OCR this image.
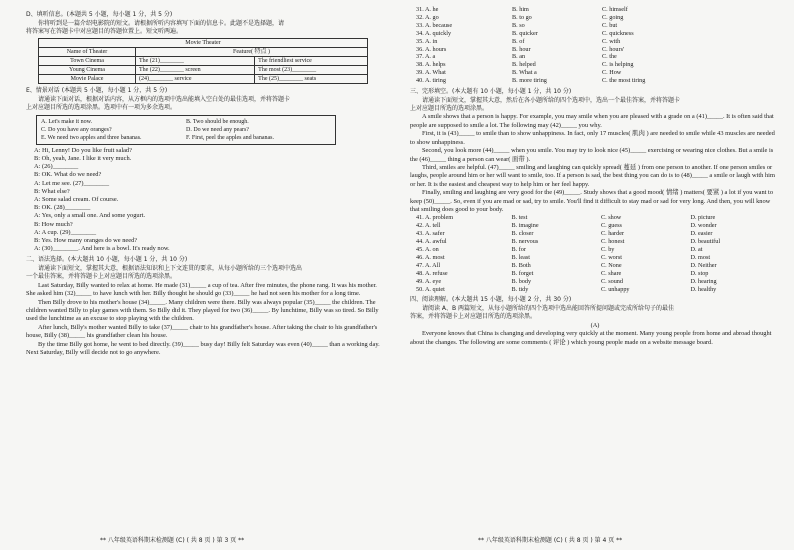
D、填听信息。(本题共 5 小题，每小题 1 分，共 5 分)

你将听到是一篇介绍电影院的短文。请根据所听内容填写下面的信息卡。此题不是选择题，请

将答案写在答题卡中对应题目的答题位置上。短文听两遍。

Movie Theater		
Name of Theater	Feature( 特点 )	
Town Cinema	The (21)________	The friendliest service
Young Cinema	The (22)________ screen	The most (23)________
Movie Palace	(24)________ service	The (25)________ seats

E、情景对话 (本题共 5 小题，每小题 1 分，共 5 分)

请通读下面对话，根据对话内容，从方框内的选项中选出能填入空白处的最佳选项，并将答题卡

上对应题目所选的选项涂黑。选项中有一项为多余选项。

A. Let's make it now.	B. Two should be enough.
C. Do you have any oranges?	D. Do we need any pears?
E. We need two apples and three bananas.	F. First, peel the apples and bananas.

A: Hi, Lenny! Do you like fruit salad?

B: Oh, yeah, Jane. I like it very much.

A: (26)________

B: OK. What do we need?

A: Let me see. (27)________

B: What else?

A: Some salad cream. Of course.

B: OK. (28)________

A: Yes, only a small one. And some yogurt.

B: How much?

A: A cup. (29)________

B: Yes. How many oranges do we need?

A: (30)________. And here is a bowl. It's ready now.

二、语法选择。(本大题共 10 小题，每小题 1 分，共 10 分)

请通读下面短文，掌握其大意，根据语法知识和上下文连贯的要求，从每小题所给的三个选项中选出

一个最佳答案，并将答题卡上对应题目所选的选项涂黑。

Last Saturday, Billy wanted to relax at home. He made (31)_____ a cup of tea. After five minutes, the phone rang. It was his mother. She asked him (32)_____ to have lunch with her. Billy thought he should go (33)_____ he had not seen his mother for a long time.

Then Billy drove to his mother's house (34)_____. Many children were there. Billy was always popular (35)_____ the children. The children wanted Billy to play games with them. So Billy did it. They played for two (36)_____. By lunchtime, Billy was so tired. So Billy used the lunchtime as an excuse to stop playing with the children.

After lunch, Billy's mother wanted Billy to take (37)_____ chair to his grandfather's house. After taking the chair to his grandfather's house, Billy (38)_____ his grandfather clean his house.

By the time Billy got home, he went to bed directly. (39)_____ busy day! Billy felt Saturday was even (40)_____ than a working day. Next Saturday, Billy will decide not to go anywhere.

** 八年级英语科期末检测题 (C) ( 共 8 页 ) 第 3 页 **
31. A. he	B. him	C. himself
32. A. go	B. to go	C. going
33. A. because	B. so	C. but
34. A. quickly	B. quicker	C. quickness
35. A. in	B. of	C. with
36. A. hours	B. hour	C. hours'
37. A. a	B. an	C. the
38. A. helps	B. helped	C. is helping
39. A. What	B. What a	C. How
40. A. tiring	B. more tiring	C. the most tiring

三、完形填空。(本大题有 10 小题，每小题 1 分，共 10 分)

请通读下面短文，掌握其大意，然后在各小题所给的四个选项中，选出一个最佳答案，并将答题卡

上对应题目所选的选项涂黑。

A smile shows that a person is happy. For example, you may smile when you are pleased with a grade on a (41)_____. It is often said that people are supposed to smile a lot. The following may (42)_____ you why.

First, it is (43)_____ to smile than to show unhappiness. In fact, only 17 muscles( 肌肉 ) are needed to smile while 43 muscles are needed to show unhappiness.

Second, you look more (44)_____ when you smile. You may try to look nice (45)_____ exercising or wearing nice clothes. But a smile is the (46)_____ thing a person can wear( 面带 ).

Third, smiles are helpful. (47)_____ smiling and laughing can quickly spread( 蔓延 ) from one person to another. If one person smiles or laughs, people around him or her will want to smile, too. If a person is sad, the best thing you can do is to (48)_____ a smile or laugh with him or her. It is the easiest and cheapest way to help him or her feel happy.

Finally, smiling and laughing are very good for the (49)_____. Study shows that a good mood( 情绪 ) matters( 要紧 ) a lot if you want to keep (50)_____. So, even if you are mad or sad, try to smile. You'll find it difficult to stay mad or sad for very long. And then, you will know that smiling does good to your body.

41. A. problem	B. test	C. show	D. picture
42. A. tell	B. imagine	C. guess	D. wonder
43. A. safer	B. closer	C. harder	D. easier
44. A. awful	B. nervous	C. honest	D. beautiful
45. A. on	B. for	C. by	D. at
46. A. most	B. least	C. worst	D. most
47. A. All	B. Both	C. None	D. Neither
48. A. refuse	B. forget	C. share	D. stop
49. A. eye	B. body	C. sound	D. hearing
50. A. quiet	B. tidy	C. unhappy	D. healthy

四、阅读理解。(本大题共 15 小题，每小题 2 分，共 30 分)

请阅读 A、B 两篇短文，从每小题所给的四个选项中选出能回答所提问题或完成所给句子的最佳

答案，并将答题卡上对应题目所选的选项涂黑。

(A)

Everyone knows that China is changing and developing very quickly at the moment. Many young people from home and abroad thought about the changes. The following are some comments ( 评论 ) which young people made on a website message board.

** 八年级英语科期末检测题 (C) ( 共 8 页 ) 第 4 页 **
